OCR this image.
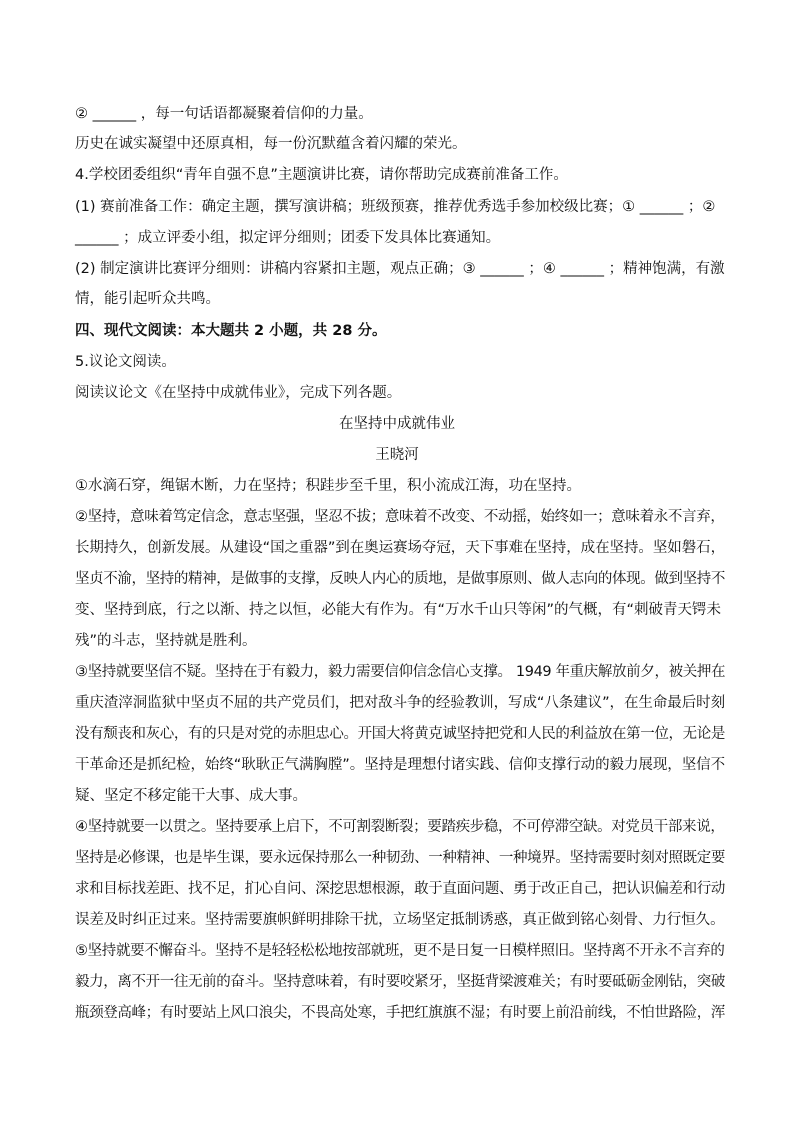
② ______ ，每一句话语都凝聚着信仰的力量。
历史在诚实凝望中还原真相，每一份沉默蕴含着闪耀的荣光。
4.学校团委组织“青年自强不息”主题演讲比赛，请你帮助完成赛前准备工作。
(1) 赛前准备工作：确定主题，撰写演讲稿；班级预赛，推荐优秀选手参加校级比赛；① ______ ；②
______ ；成立评委小组，拟定评分细则；团委下发具体比赛通知。
(2) 制定演讲比赛评分细则：讲稿内容紧扣主题，观点正确；③ ______ ；④ ______ ；精神饱满，有激
情，能引起听众共鸣。
四、现代文阅读：本大题共 2 小题，共 28 分。
5.议论文阅读。
阅读议论文《在坚持中成就伟业》，完成下列各题。
在坚持中成就伟业
王晓河
①水滴石穿，绳锯木断，力在坚持；积跬步至千里，积小流成江海，功在坚持。
②坚持，意味着笃定信念，意志坚强，坚忍不拔；意味着不改变、不动摇，始终如一；意味着永不言弃，
长期持久，创新发展。从建设“国之重器”到在奥运赛场夺冠，天下事难在坚持，成在坚持。坚如磐石，
坚贞不渝，坚持的精神，是做事的支撑，反映人内心的质地，是做事原则、做人志向的体现。做到坚持不
变、坚持到底，行之以渐、持之以恒，必能大有作为。有“万水千山只等闲”的气概，有“刺破青天锷未
残”的斗志，坚持就是胜利。
③坚持就要坚信不疑。坚持在于有毅力，毅力需要信仰信念信心支撑。 1949 年重庆解放前夕，被关押在
重庆渣滓洞监狱中坚贞不屈的共产党员们，把对敌斗争的经验教训，写成“八条建议”，在生命最后时刻
没有颓丧和灰心，有的只是对党的赤胆忠心。开国大将黄克诚坚持把党和人民的利益放在第一位，无论是
干革命还是抓纪检，始终“耿耿正气满胸膛”。坚持是理想付诸实践、信仰支撑行动的毅力展现，坚信不
疑、坚定不移定能干大事、成大事。
④坚持就要一以贯之。坚持要承上启下，不可割裂断裂；要踏疾步稳，不可停滞空缺。对党员干部来说，
坚持是必修课，也是毕生课，要永远保持那么一种韧劲、一种精神、一种境界。坚持需要时刻对照既定要
求和目标找差距、找不足，扪心自问、深挖思想根源，敢于直面问题、勇于改正自己，把认识偏差和行动
误差及时纠正过来。坚持需要旗帜鲜明排除干扰，立场坚定抵制诱惑，真正做到铭心刻骨、力行恒久。
⑤坚持就要不懈奋斗。坚持不是轻轻松松地按部就班，更不是日复一日模样照旧。坚持离不开永不言弃的
毅力，离不开一往无前的奋斗。坚持意味着，有时要咬紧牙，坚挺背梁渡难关；有时要砥砺金刚钻，突破
瓶颈登高峰；有时要站上风口浪尖，不畏高处寒，手把红旗旗不湿；有时要上前沿前线，不怕世路险，浑
